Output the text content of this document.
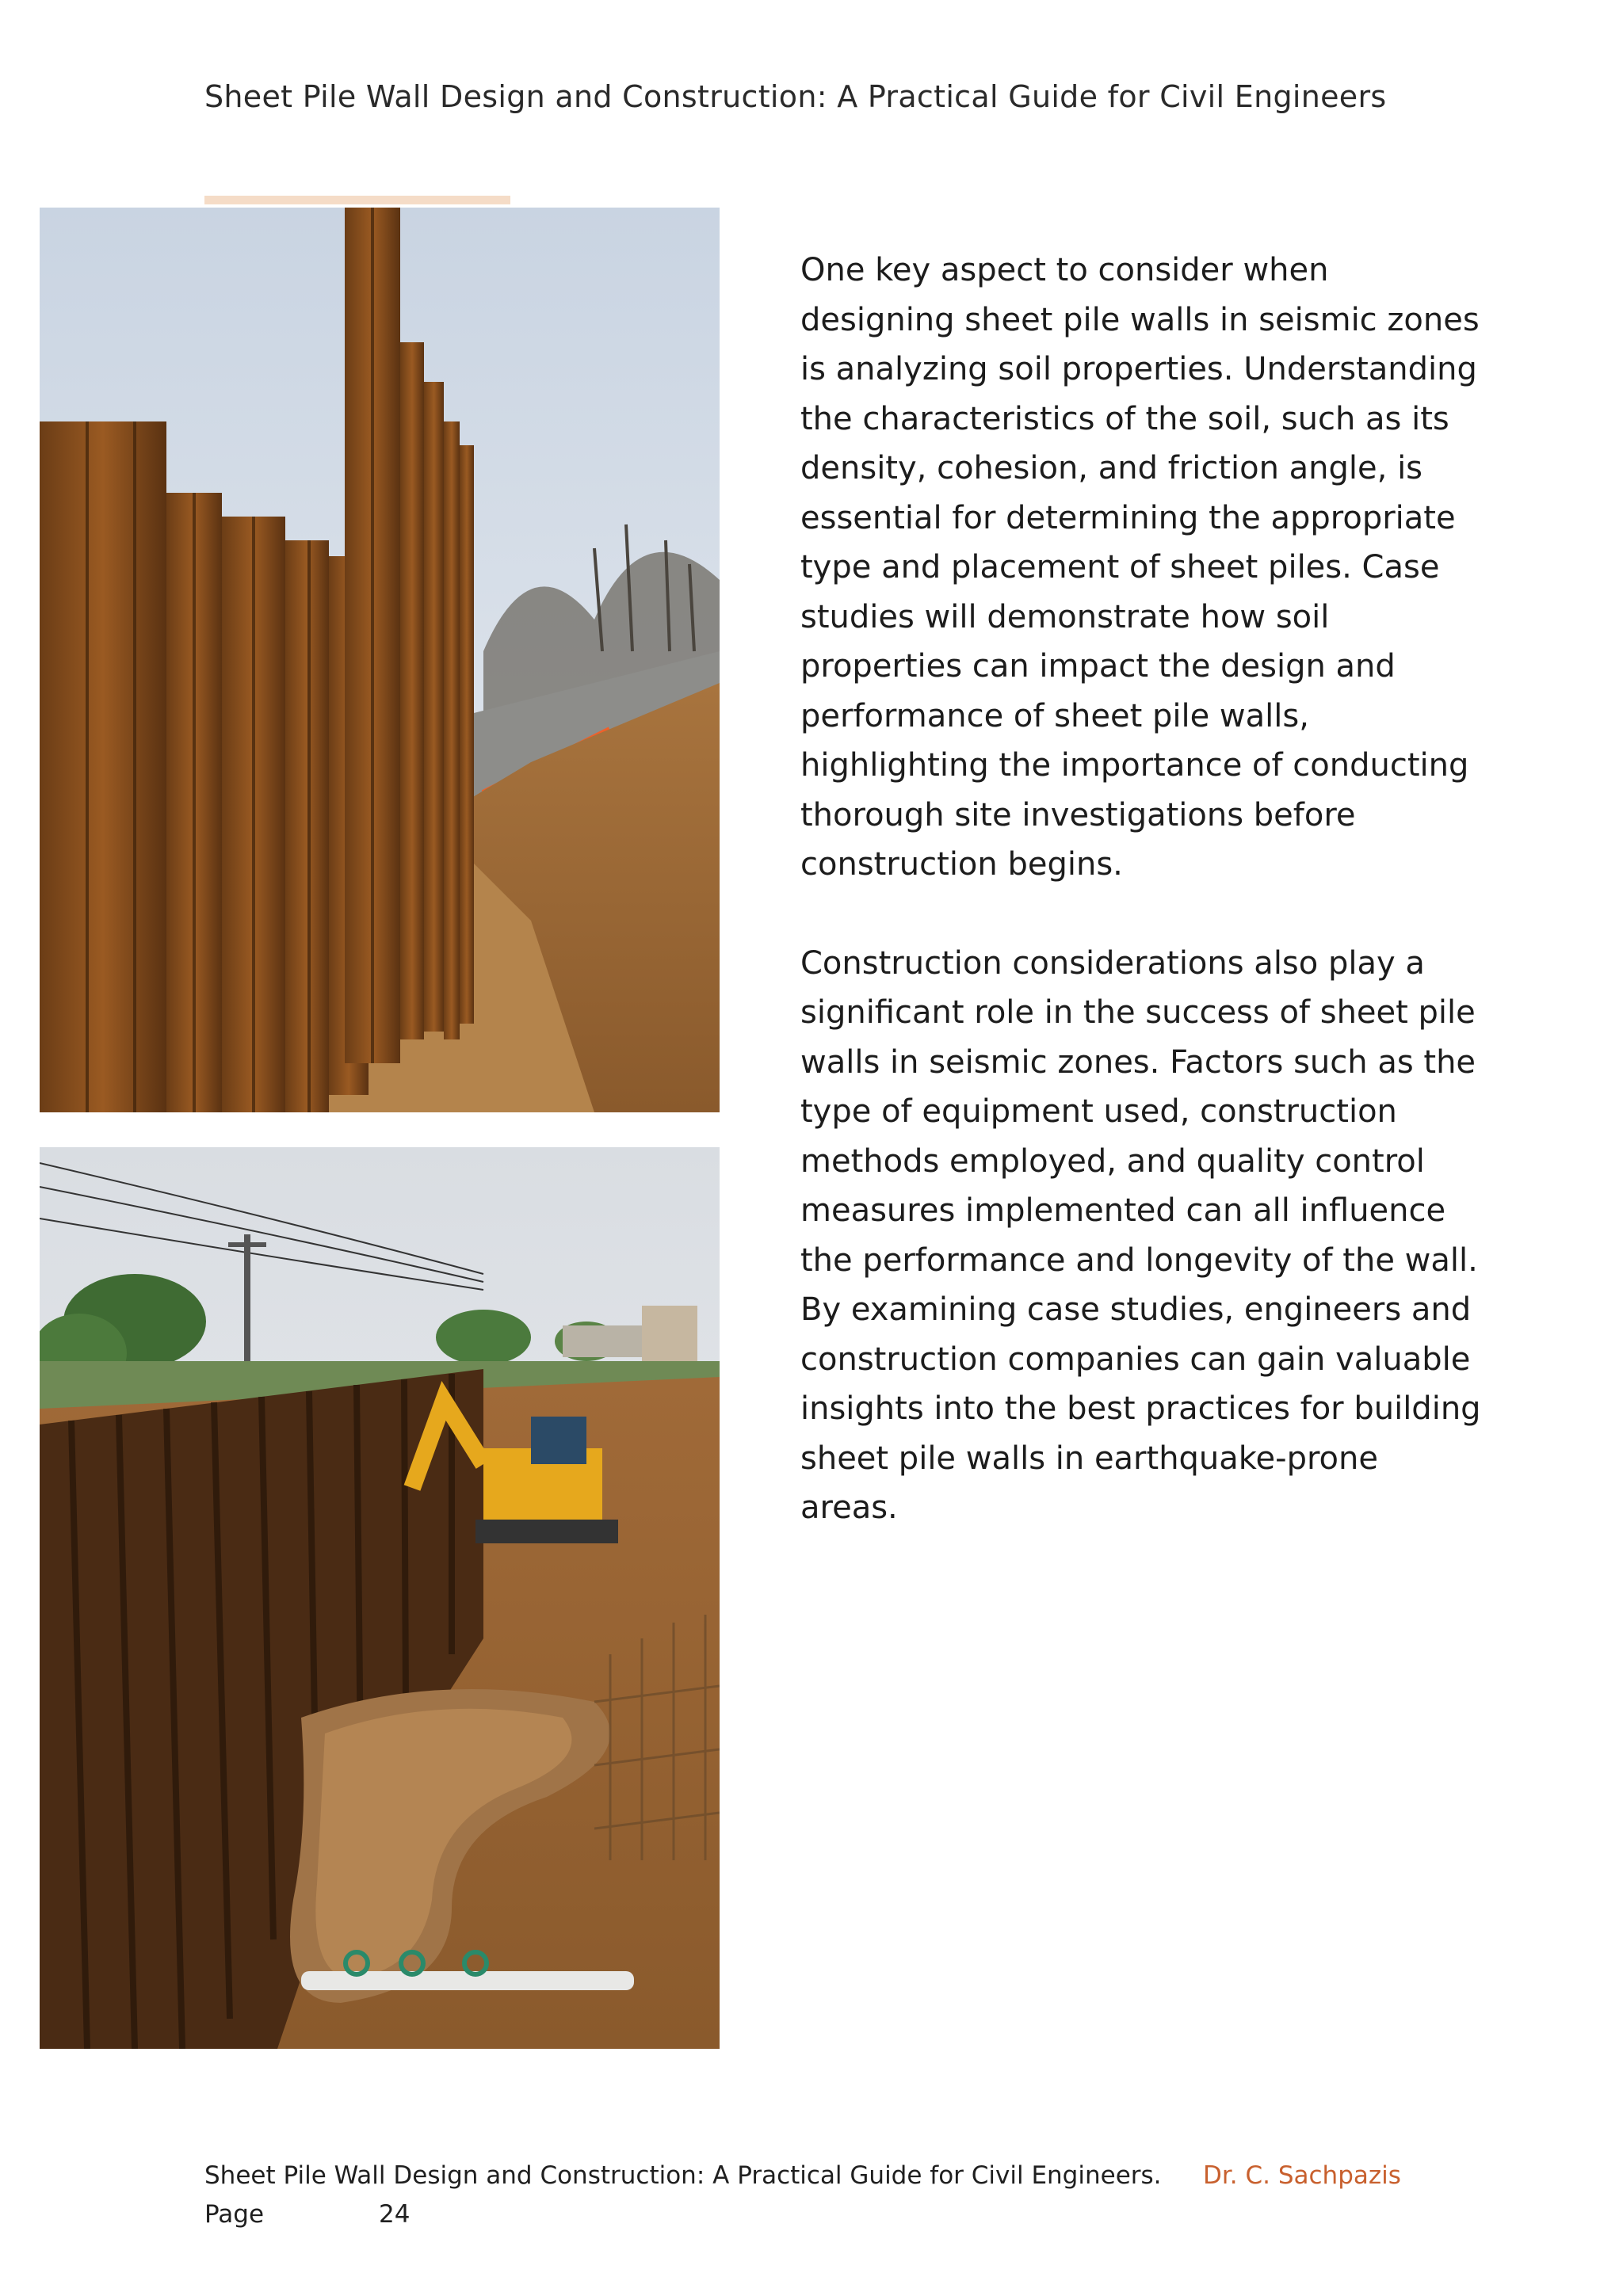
Sheet Pile Wall Design and Construction: A Practical Guide for Civil Engineers

One key aspect to consider when designing sheet pile walls in seismic zones is analyzing soil properties. Understanding the characteristics of the soil, such as its density, cohesion, and friction angle, is essential for determining the appropriate type and placement of sheet piles. Case studies will demonstrate how soil properties can impact the design and performance of sheet pile walls, highlighting the importance of conducting thorough site investigations before construction begins.

Construction considerations also play a significant role in the success of sheet pile walls in seismic zones. Factors such as the type of equipment used, construction methods employed, and quality control measures implemented can all influence the performance and longevity of the wall. By examining case studies, engineers and construction companies can gain valuable insights into the best practices for building sheet pile walls in earthquake-prone areas.

Sheet Pile Wall Design and Construction: A Practical Guide for Civil Engineers. Dr. C. Sachpazis
Page	24
